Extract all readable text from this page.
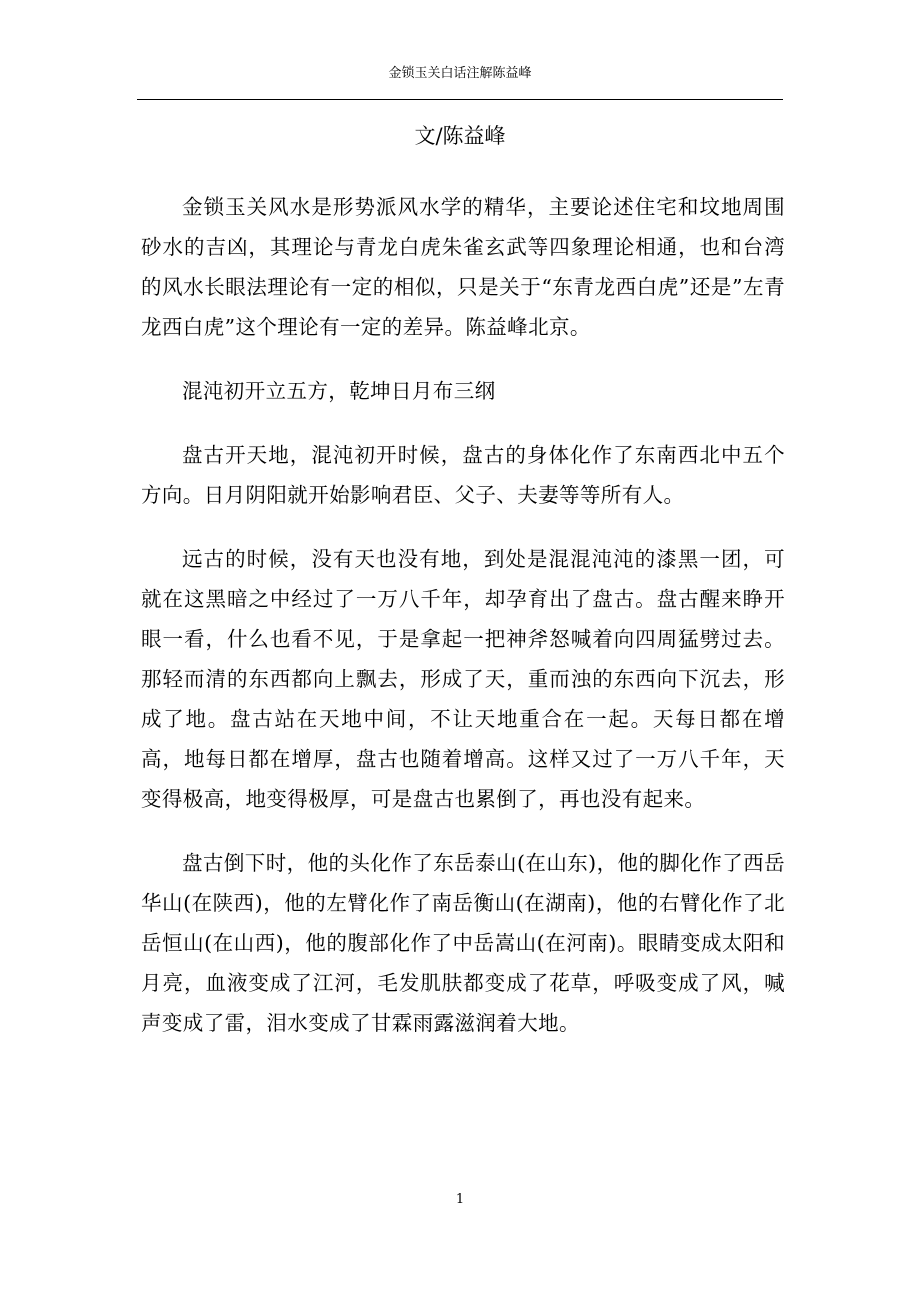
金锁玉关白话注解陈益峰
文/陈益峰

金锁玉关风水是形势派风水学的精华，主要论述住宅和坟地周围砂水的吉凶，其理论与青龙白虎朱雀玄武等四象理论相通，也和台湾的风水长眼法理论有一定的相似，只是关于“东青龙西白虎”还是”左青龙西白虎”这个理论有一定的差异。陈益峰北京。

混沌初开立五方，乾坤日月布三纲

盘古开天地，混沌初开时候，盘古的身体化作了东南西北中五个方向。日月阴阳就开始影响君臣、父子、夫妻等等所有人。

远古的时候，没有天也没有地，到处是混混沌沌的漆黑一团，可就在这黑暗之中经过了一万八千年，却孕育出了盘古。盘古醒来睁开眼一看，什么也看不见，于是拿起一把神斧怒喊着向四周猛劈过去。那轻而清的东西都向上飘去，形成了天，重而浊的东西向下沉去，形成了地。盘古站在天地中间，不让天地重合在一起。天每日都在增高，地每日都在增厚，盘古也随着增高。这样又过了一万八千年，天变得极高，地变得极厚，可是盘古也累倒了，再也没有起来。

盘古倒下时，他的头化作了东岳泰山(在山东)，他的脚化作了西岳华山(在陕西)，他的左臂化作了南岳衡山(在湖南)，他的右臂化作了北岳恒山(在山西)，他的腹部化作了中岳嵩山(在河南)。眼睛变成太阳和月亮，血液变成了江河，毛发肌肤都变成了花草，呼吸变成了风，喊声变成了雷，泪水变成了甘霖雨露滋润着大地。

1
